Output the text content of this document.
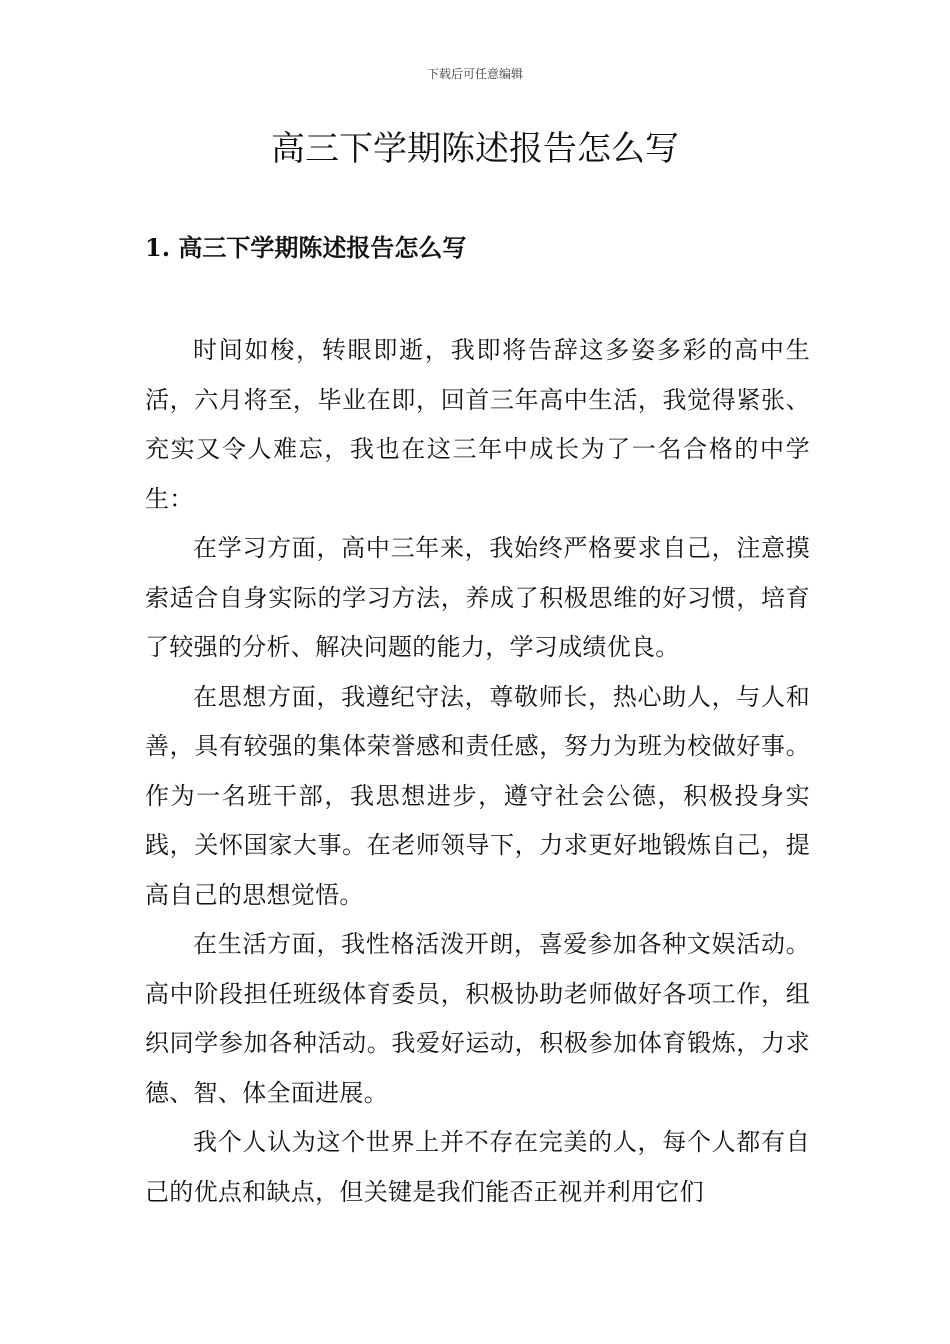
下载后可任意编辑
高三下学期陈述报告怎么写
1. 高三下学期陈述报告怎么写

时间如梭，转眼即逝，我即将告辞这多姿多彩的高中生活，六月将至，毕业在即，回首三年高中生活，我觉得紧张、充实又令人难忘，我也在这三年中成长为了一名合格的中学生：

在学习方面，高中三年来，我始终严格要求自己，注意摸索适合自身实际的学习方法，养成了积极思维的好习惯，培育了较强的分析、解决问题的能力，学习成绩优良。

在思想方面，我遵纪守法，尊敬师长，热心助人，与人和善，具有较强的集体荣誉感和责任感，努力为班为校做好事。作为一名班干部，我思想进步，遵守社会公德，积极投身实践，关怀国家大事。在老师领导下，力求更好地锻炼自己，提高自己的思想觉悟。

在生活方面，我性格活泼开朗，喜爱参加各种文娱活动。高中阶段担任班级体育委员，积极协助老师做好各项工作，组织同学参加各种活动。我爱好运动，积极参加体育锻炼，力求德、智、体全面进展。

我个人认为这个世界上并不存在完美的人，每个人都有自己的优点和缺点，但关键是我们能否正视并利用它们
